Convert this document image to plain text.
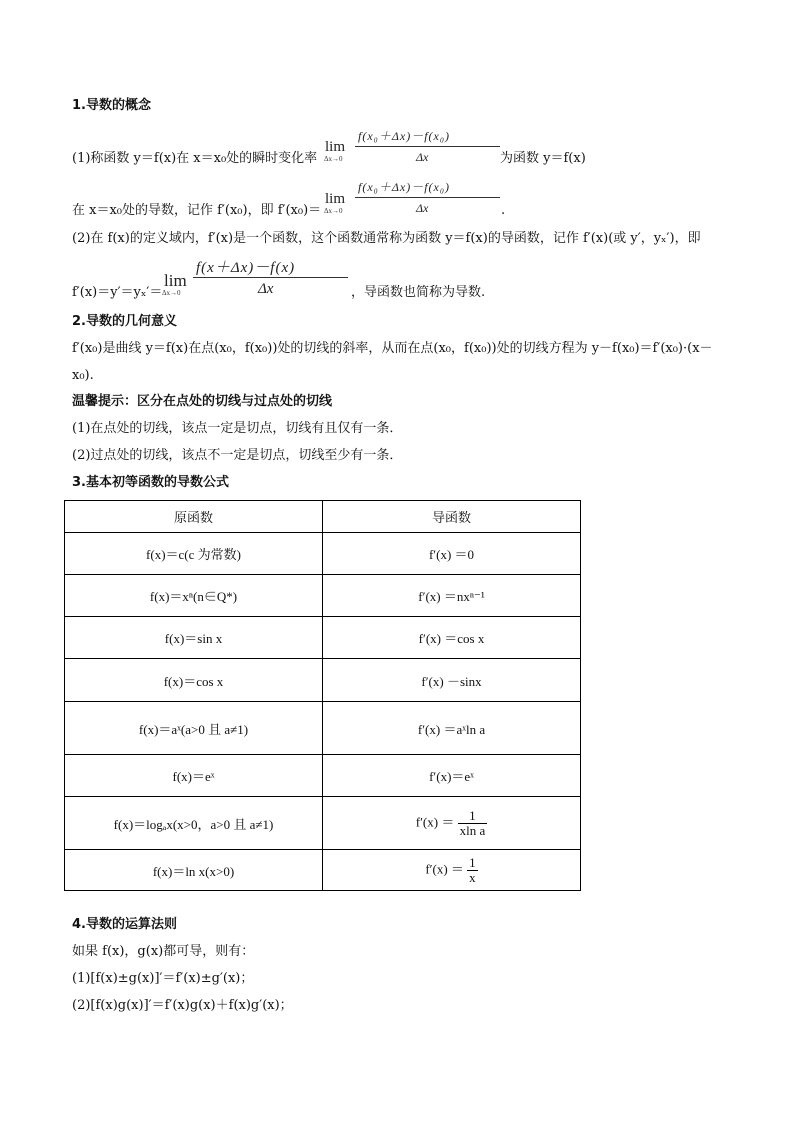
1.导数的概念
(1)称函数 y＝f(x)在 x＝x₀处的瞬时变化率
lim
Δx→0
f(x₀＋Δx)－f(x₀)
Δx	为函数 y＝f(x)
在 x＝x₀处的导数，记作 f′(x₀)，即 f′(x₀)＝
lim
Δx→0
f(x₀＋Δx)－f(x₀)
Δx	.
(2)在 f(x)的定义域内，f′(x)是一个函数，这个函数通常称为函数 y＝f(x)的导函数，记作 f′(x)(或 y′，yₓ′)，即
f′(x)＝y′＝yₓ′＝
lim
Δx→0
f(x＋Δx)－f(x)
Δx	，导函数也简称为导数.
2.导数的几何意义
f′(x₀)是曲线 y＝f(x)在点(x₀，f(x₀))处的切线的斜率，从而在点(x₀，f(x₀))处的切线方程为 y－f(x₀)＝f′(x₀)·(x－
x₀).
温馨提示：区分在点处的切线与过点处的切线
(1)在点处的切线，该点一定是切点，切线有且仅有一条．
(2)过点处的切线，该点不一定是切点，切线至少有一条．
3.基本初等函数的导数公式
原函数	导函数
f(x)＝c(c 为常数)	f′(x) ＝0
f(x)＝xⁿ(n∈Q*)	f′(x) ＝nxⁿ⁻¹
f(x)＝sin x	f′(x) ＝cos x
f(x)＝cos x	f′(x) －sinx
f(x)＝aˣ(a>0 且 a≠1)	f′(x) ＝aˣln a
f(x)＝eˣ	f′(x)＝eˣ
f(x)＝logₐx(x>0，a>0 且 a≠1)	$f'(x) = \frac{1}{\text{xln a}}$

f(x)＝ln x(x>0)	$f'(x) = \frac{1}{x}$
4.导数的运算法则
如果 f(x)，g(x)都可导，则有：
(1)[f(x)±g(x)]′＝f′(x)±g′(x)；
(2)[f(x)g(x)]′＝f′(x)g(x)＋f(x)g′(x)；
